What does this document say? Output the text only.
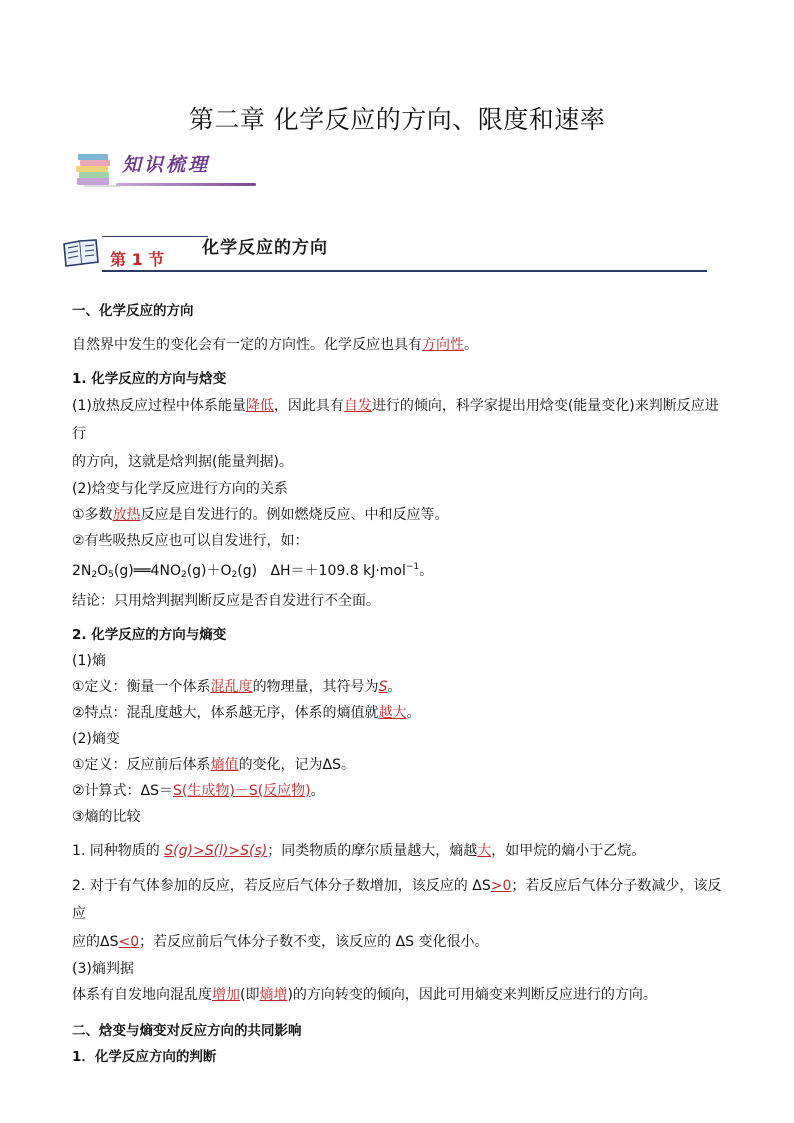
第二章 化学反应的方向、限度和速率
知识梳理
第 1 节
化学反应的方向
一、化学反应的方向
自然界中发生的变化会有一定的方向性。化学反应也具有方向性。
1. 化学反应的方向与焓变
(1)放热反应过程中体系能量降低，因此具有自发进行的倾向，科学家提出用焓变(能量变化)来判断反应进行
的方向，这就是焓判据(能量判据)。
(2)焓变与化学反应进行方向的关系
①多数放热反应是自发进行的。例如燃烧反应、中和反应等。
②有些吸热反应也可以自发进行，如：
$2N_2O_5(g)══4NO_2(g)+O_2(g)$ ΔH＝＋109.8 kJ·mol$^{-1}$。
结论：只用焓判据判断反应是否自发进行不全面。
2. 化学反应的方向与熵变
(1)熵
①定义：衡量一个体系混乱度的物理量，其符号为S。
②特点：混乱度越大，体系越无序，体系的熵值就越大。
(2)熵变
①定义：反应前后体系熵值的变化，记为ΔS。
②计算式：ΔS＝S(生成物)－S(反应物)。
③熵的比较
1. 同种物质的 S(g)>S(l)>S(s)；同类物质的摩尔质量越大，熵越大，如甲烷的熵小于乙烷。
2. 对于有气体参加的反应，若反应后气体分子数增加，该反应的 ΔS>0；若反应后气体分子数减少，该反应
应的ΔS<0；若反应前后气体分子数不变，该反应的 ΔS 变化很小。
(3)熵判据
体系有自发地向混乱度增加(即熵增)的方向转变的倾向，因此可用熵变来判断反应进行的方向。
二、焓变与熵变对反应方向的共同影响
1．化学反应方向的判断
